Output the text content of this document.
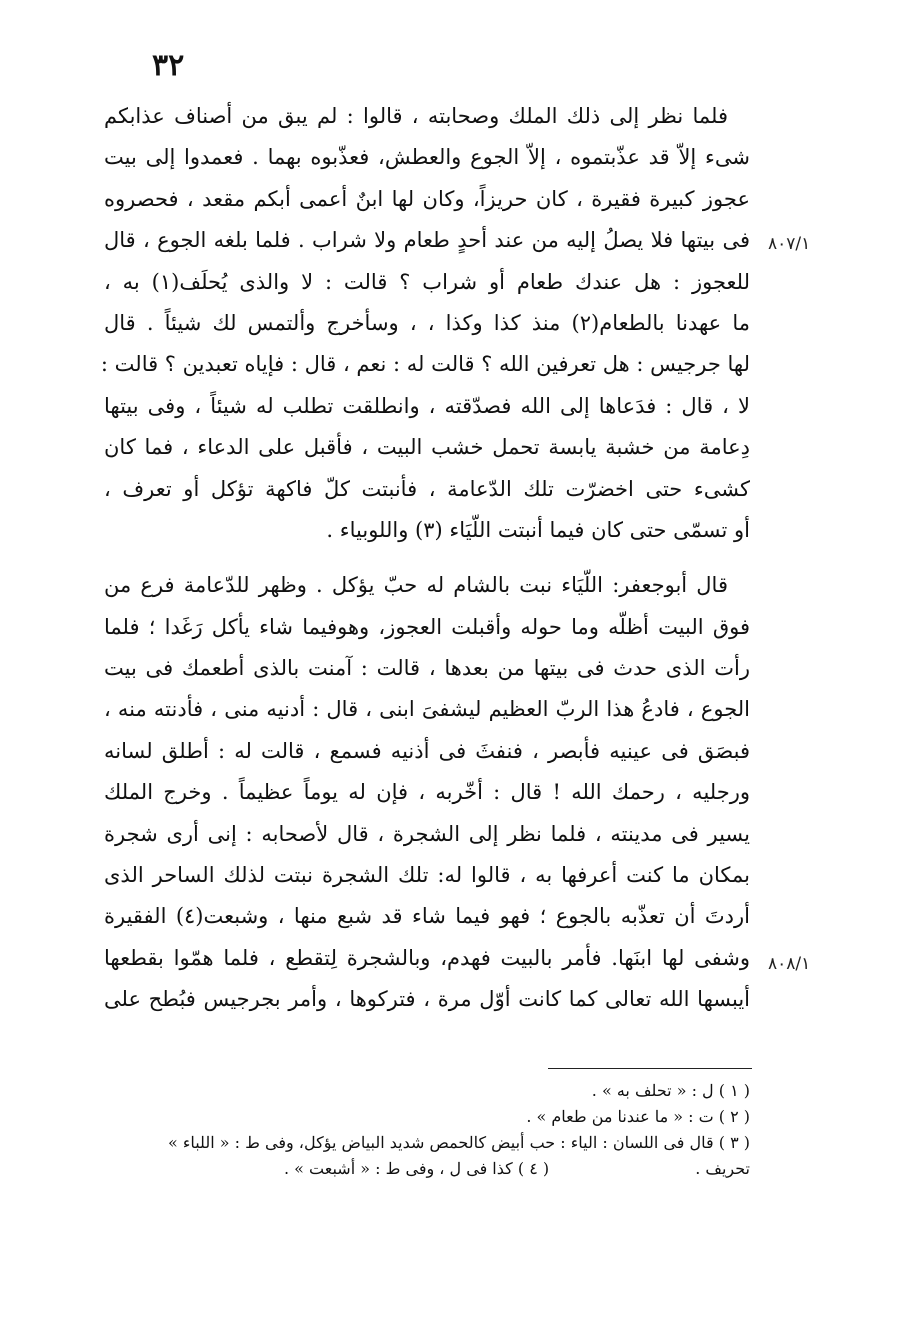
٣٢
٨٠٧/١
٨٠٨/١
فلما نظر إلى ذلك الملك وصحابته ، قالوا : لم يبق من أصناف عذابكم
شىء إلاّ قد عذّبتموه ، إلاّ الجوع والعطش، فعذّبوه بهما . فعمدوا إلى بيت
عجوز كبيرة فقيرة ، كان حريزاً، وكان لها ابنٌ أعمى أبكم مقعد ، فحصروه
فى بيتها فلا يصلُ إليه من عند أحدٍ طعام ولا شراب . فلما بلغه الجوع ، قال
للعجوز : هل عندك طعام أو شراب ؟ قالت : لا والذى يُحلَف(١) به ،
ما عهدنا بالطعام(٢) منذ كذا وكذا ، ، وسأخرج وألتمس لك شيئاً . قال
لها جرجيس : هل تعرفين الله ؟ قالت له : نعم ، قال : فإياه تعبدين ؟ قالت :
لا ، قال : فدَعاها إلى الله فصدّقته ، وانطلقت تطلب له شيئاً ، وفى بيتها
دِعامة من خشبة يابسة تحمل خشب البيت ، فأقبل على الدعاء ، فما كان
كشىء حتى اخضرّت تلك الدّعامة ، فأنبتت كلّ فاكهة تؤكل أو تعرف ،
أو تسمّى حتى كان فيما أنبتت اللّيَاء (٣) واللوبياء .
قال أبوجعفر: اللّيَاء نبت بالشام له حبّ يؤكل . وظهر للدّعامة فرع من
فوق البيت أظلّه وما حوله وأقبلت العجوز، وهوفيما شاء يأكل رَغَدا ؛ فلما
رأت الذى حدث فى بيتها من بعدها ، قالت : آمنت بالذى أطعمك فى بيت
الجوع ، فادعُ هذا الربّ العظيم ليشفىَ ابنى ، قال : أدنيه منى ، فأدنته منه ،
فبصَق فى عينيه فأبصر ، فنفثَ فى أذنيه فسمع ، قالت له : أطلق لسانه
ورجليه ، رحمك الله ! قال : أخّربه ، فإن له يوماً عظيماً . وخرج الملك
يسير فى مدينته ، فلما نظر إلى الشجرة ، قال لأصحابه : إنى أرى شجرة
بمكان ما كنت أعرفها به ، قالوا له: تلك الشجرة نبتت لذلك الساحر الذى
أردتَ أن تعذّبه بالجوع ؛ فهو فيما شاء قد شبع منها ، وشبعت(٤) الفقيرة
وشفى لها ابنَها. فأمر بالبيت فهدم، وبالشجرة لِتقطع ، فلما همّوا بقطعها
أيبسها الله تعالى كما كانت أوّل مرة ، فتركوها ، وأمر بجرجيس فبُطح على
( ١ ) ل : « تحلف به » .
( ٢ ) ت : « ما عندنا من طعام » .
( ٣ ) قال فى اللسان : الياء : حب أبيض كالحمص شديد البياض يؤكل، وفى ط : « اللباء »
تحريف .
( ٤ ) كذا فى ل ، وفى ط : « أشبعت » .
